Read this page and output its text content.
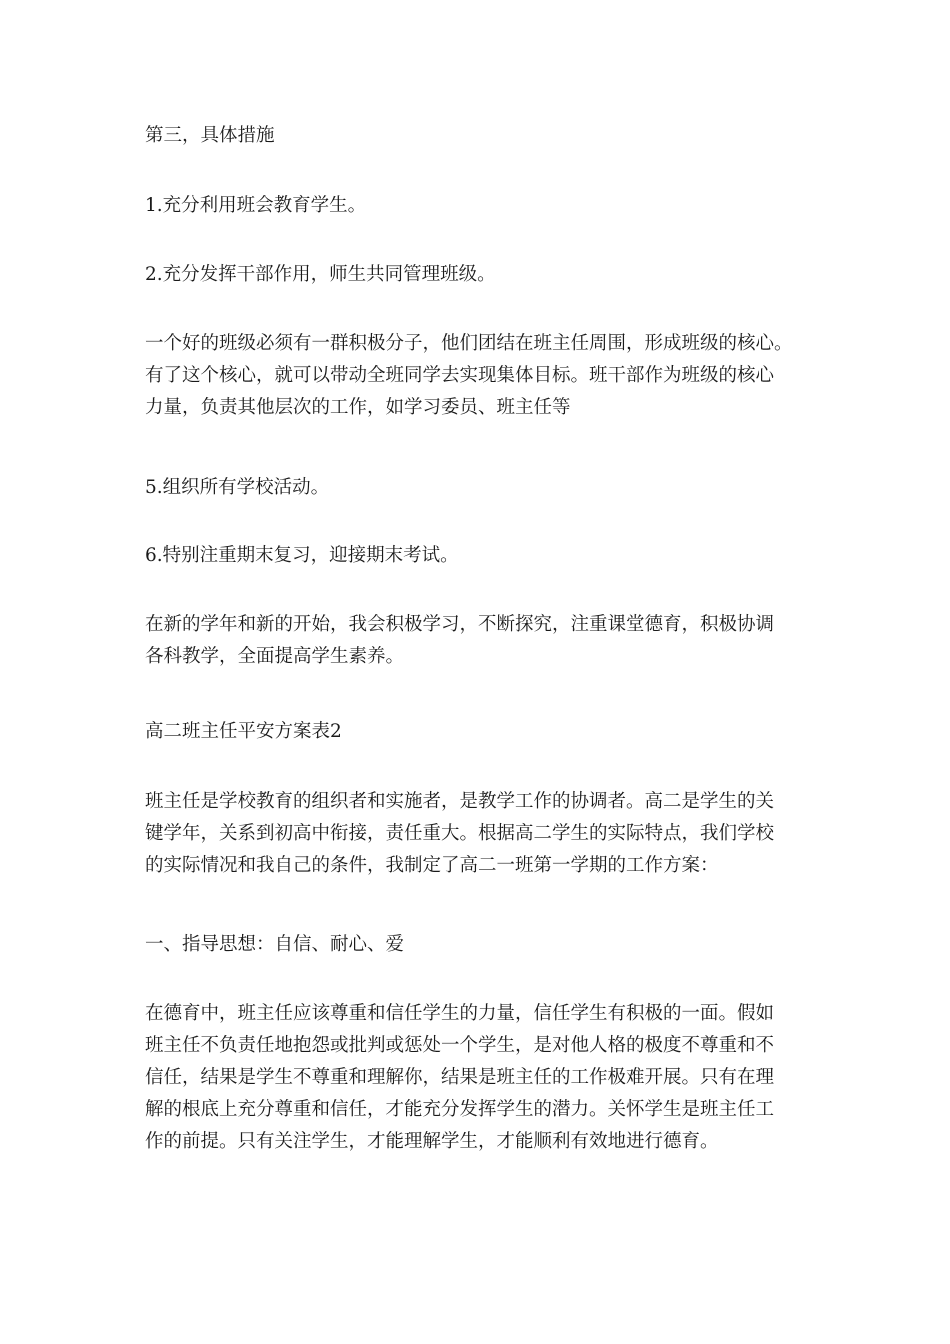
第三，具体措施

1.充分利用班会教育学生。

2.充分发挥干部作用，师生共同管理班级。

一个好的班级必须有一群积极分子，他们团结在班主任周围，形成班级的核心。
有了这个核心，就可以带动全班同学去实现集体目标。班干部作为班级的核心
力量，负责其他层次的工作，如学习委员、班主任等

5.组织所有学校活动。

6.特别注重期末复习，迎接期末考试。

在新的学年和新的开始，我会积极学习，不断探究，注重课堂德育，积极协调
各科教学，全面提高学生素养。

高二班主任平安方案表2

班主任是学校教育的组织者和实施者，是教学工作的协调者。高二是学生的关
键学年，关系到初高中衔接，责任重大。根据高二学生的实际特点，我们学校
的实际情况和我自己的条件，我制定了高二一班第一学期的工作方案：

一、指导思想：自信、耐心、爱

在德育中，班主任应该尊重和信任学生的力量，信任学生有积极的一面。假如
班主任不负责任地抱怨或批判或惩处一个学生，是对他人格的极度不尊重和不
信任，结果是学生不尊重和理解你，结果是班主任的工作极难开展。只有在理
解的根底上充分尊重和信任，才能充分发挥学生的潜力。关怀学生是班主任工
作的前提。只有关注学生，才能理解学生，才能顺利有效地进行德育。
